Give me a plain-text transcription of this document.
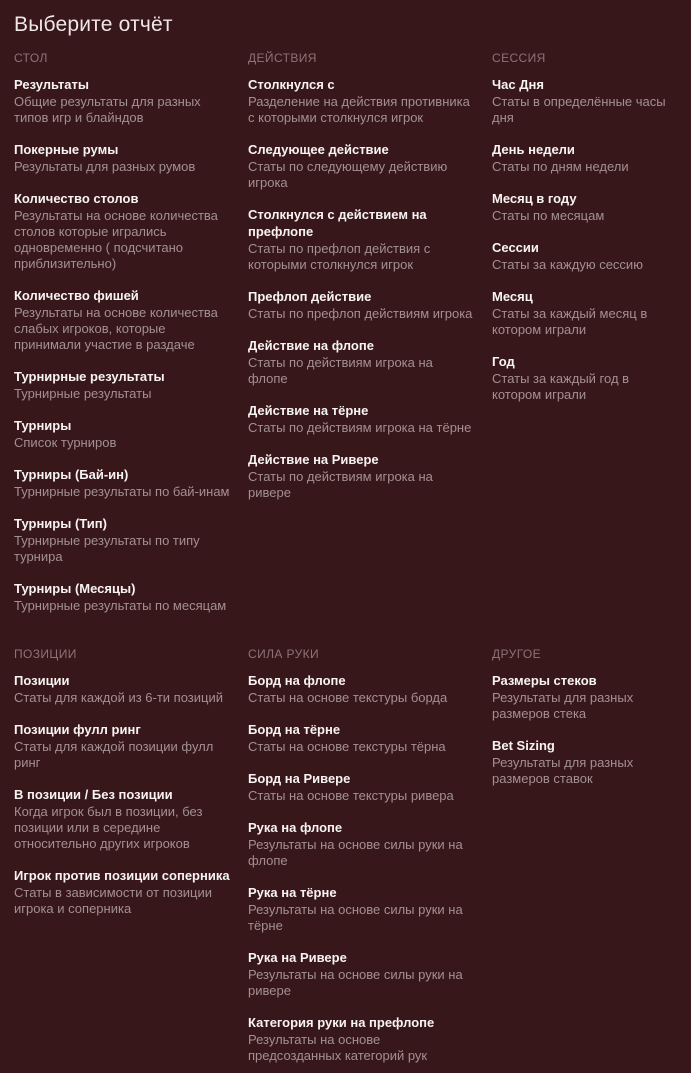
Выберите отчёт
СТОЛ
Результаты
Общие результаты для разных типов игр и блайндов
Покерные румы
Результаты для разных румов
Количество столов
Результаты на основе количества столов которые игрались одновременно ( подсчитано приблизительно)
Количество фишей
Результаты на основе количества слабых игроков, которые принимали участие в раздаче
Турнирные результаты
Турнирные результаты
Турниры
Список турниров
Турниры (Бай-ин)
Турнирные результаты по бай-инам
Турниры (Тип)
Турнирные результаты по типу турнира
Турниры (Месяцы)
Турнирные результаты по месяцам
ДЕЙСТВИЯ
Столкнулся с
Разделение на действия противника с которыми столкнулся игрок
Следующее действие
Статы по следующему действию игрока
Столкнулся с действием на префлопе
Статы по префлоп действия с которыми столкнулся игрок
Префлоп действие
Статы по префлоп действиям игрока
Действие на флопе
Статы по действиям игрока на флопе
Действие на тёрне
Статы по действиям игрока на тёрне
Действие на Ривере
Статы по действиям игрока на ривере
СЕССИЯ
Час Дня
Статы в определённые часы дня
День недели
Статы по дням недели
Месяц в году
Статы по месяцам
Сессии
Статы за каждую сессию
Месяц
Статы за каждый месяц в котором играли
Год
Статы за каждый год в котором играли
ПОЗИЦИИ
Позиции
Статы для каждой из 6-ти позиций
Позиции фулл ринг
Статы для каждой позиции фулл ринг
В позиции / Без позиции
Когда игрок был в позиции, без позиции или в середине относительно других игроков
Игрок против позиции соперника
Статы в зависимости от позиции игрока и соперника
СИЛА РУКИ
Борд на флопе
Статы на основе текстуры борда
Борд на тёрне
Статы на основе текстуры тёрна
Борд на Ривере
Статы на основе текстуры ривера
Рука на флопе
Результаты на основе силы руки на флопе
Рука на тёрне
Результаты на основе силы руки на тёрне
Рука на Ривере
Результаты на основе силы руки на ривере
Категория руки на префлопе
Результаты на основе предсозданных категорий рук
ДРУГОЕ
Размеры стеков
Результаты для разных размеров стека
Bet Sizing
Результаты для разных размеров ставок
